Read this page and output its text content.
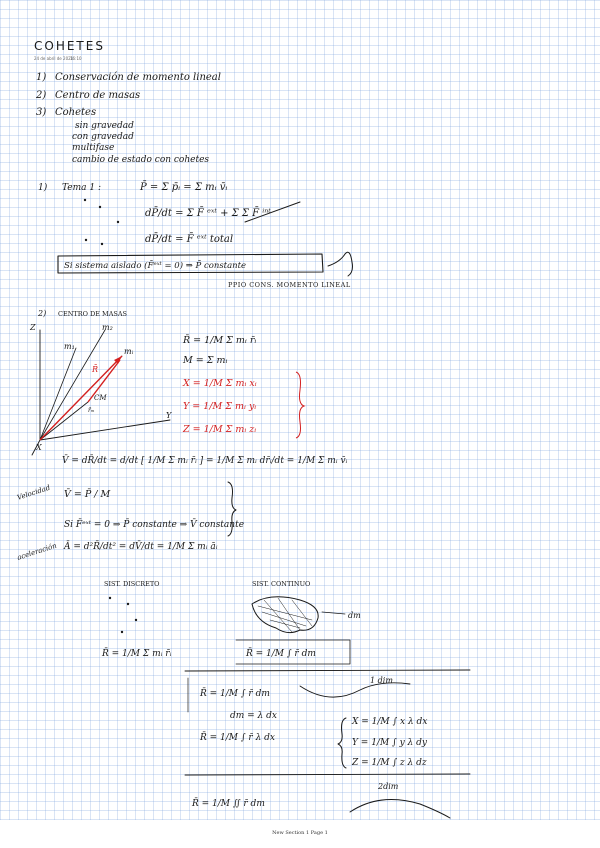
COHETES
24 de abril de 2021
16:10
1) Conservación de momento lineal
2) Centro de masas
3) Cohetes
sin gravedad
con gravedad
multifase
cambio de estado con cohetes
1) Tema 1 :	P̄ = Σ p̄ᵢ = Σ mᵢ v̄ᵢ
dP̄/dt = Σ F̄ ᵉˣᵗ + Σ Σ F̄ ⁱⁿᵗ
dP̄/dt = F̄ ᵉˣᵗ total
Si sistema aislado (F̄ᵉˣᵗ = 0) ⇒ P̄ constante
PPIO CONS. MOMENTO LINEAL
2) CENTRO DE MASAS
Z
Y
X
m₁
m₂
mᵢ
CM
R̄
r̄ₘ
R̄ = 1/M Σ mᵢ r̄ᵢ
M = Σ mᵢ
X = 1/M Σ mᵢ xᵢ
Y = 1/M Σ mᵢ yᵢ
Z = 1/M Σ mᵢ zᵢ
V̄ = dR̄/dt = d/dt [ 1/M Σ mᵢ r̄ᵢ ] = 1/M Σ mᵢ dr̄ᵢ/dt = 1/M Σ mᵢ v̄ᵢ
Velocidad V̄ = P̄ / M
Si F̄ᵉˣᵗ = 0 ⇒ P̄ constante ⇒ V̄ constante
aceleración Ā = d²R̄/dt² = dV̄/dt = 1/M Σ mᵢ āᵢ
SIST. DISCRETO	SIST. CONTINUO
dm
R̄ = 1/M Σ mᵢ r̄ᵢ	R̄ = 1/M ∫ r̄ dm
R̄ = 1/M ∫ r̄ dm
1 dim
dm = λ dx
R̄ = 1/M ∫ r̄ λ dx
X = 1/M ∫ x λ dx
Y = 1/M ∫ y λ dy
Z = 1/M ∫ z λ dz
2dim
R̄ = 1/M ∬ r̄ dm
New Section 1 Page 1
